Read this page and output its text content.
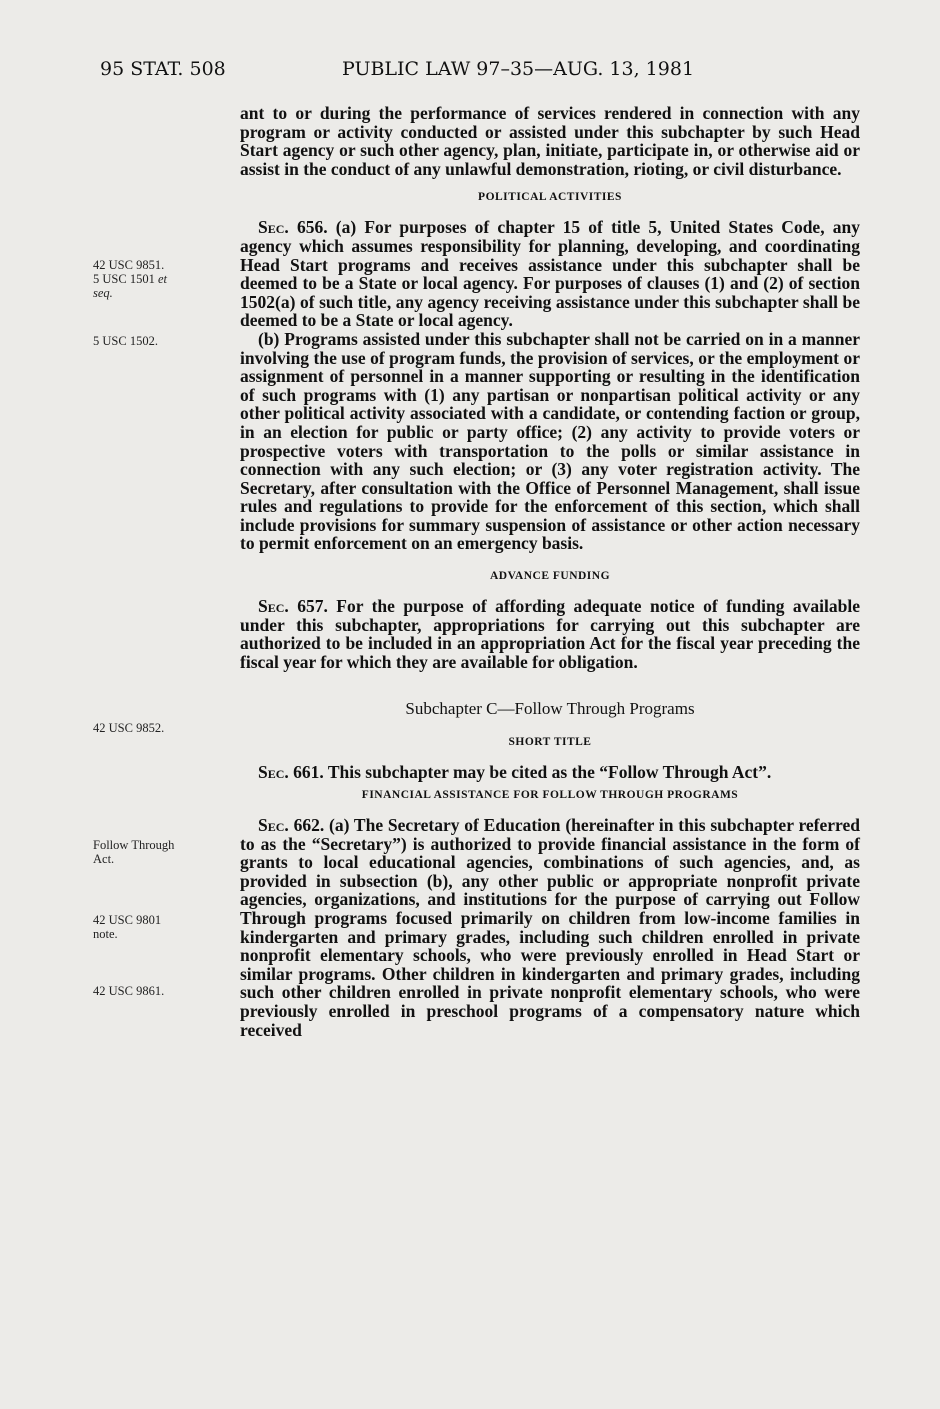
95 STAT. 508	PUBLIC LAW 97–35—AUG. 13, 1981
42 USC 9851.
5 USC 1501 et
seq.
5 USC 1502.
42 USC 9852.
Follow Through
Act.
42 USC 9801
note.
42 USC 9861.

ant to or during the performance of services rendered in connection with any program or activity conducted or assisted under this subchapter by such Head Start agency or such other agency, plan, initiate, participate in, or otherwise aid or assist in the conduct of any unlawful demonstration, rioting, or civil disturbance.

POLITICAL ACTIVITIES

Sec. 656. (a) For purposes of chapter 15 of title 5, United States Code, any agency which assumes responsibility for planning, developing, and coordinating Head Start programs and receives assistance under this subchapter shall be deemed to be a State or local agency. For purposes of clauses (1) and (2) of section 1502(a) of such title, any agency receiving assistance under this subchapter shall be deemed to be a State or local agency.

(b) Programs assisted under this subchapter shall not be carried on in a manner involving the use of program funds, the provision of services, or the employment or assignment of personnel in a manner supporting or resulting in the identification of such programs with (1) any partisan or nonpartisan political activity or any other political activity associated with a candidate, or contending faction or group, in an election for public or party office; (2) any activity to provide voters or prospective voters with transportation to the polls or similar assistance in connection with any such election; or (3) any voter registration activity. The Secretary, after consultation with the Office of Personnel Management, shall issue rules and regulations to provide for the enforcement of this section, which shall include provisions for summary suspension of assistance or other action necessary to permit enforcement on an emergency basis.

ADVANCE FUNDING

Sec. 657. For the purpose of affording adequate notice of funding available under this subchapter, appropriations for carrying out this subchapter are authorized to be included in an appropriation Act for the fiscal year preceding the fiscal year for which they are available for obligation.

Subchapter C—Follow Through Programs
SHORT TITLE

Sec. 661. This subchapter may be cited as the “Follow Through Act”.

FINANCIAL ASSISTANCE FOR FOLLOW THROUGH PROGRAMS

Sec. 662. (a) The Secretary of Education (hereinafter in this subchapter referred to as the “Secretary”) is authorized to provide financial assistance in the form of grants to local educational agencies, combinations of such agencies, and, as provided in subsection (b), any other public or appropriate nonprofit private agencies, organizations, and institutions for the purpose of carrying out Follow Through programs focused primarily on children from low-income families in kindergarten and primary grades, including such children enrolled in private nonprofit elementary schools, who were previously enrolled in Head Start or similar programs. Other children in kindergarten and primary grades, including such other children enrolled in private nonprofit elementary schools, who were previously enrolled in preschool programs of a compensatory nature which received
